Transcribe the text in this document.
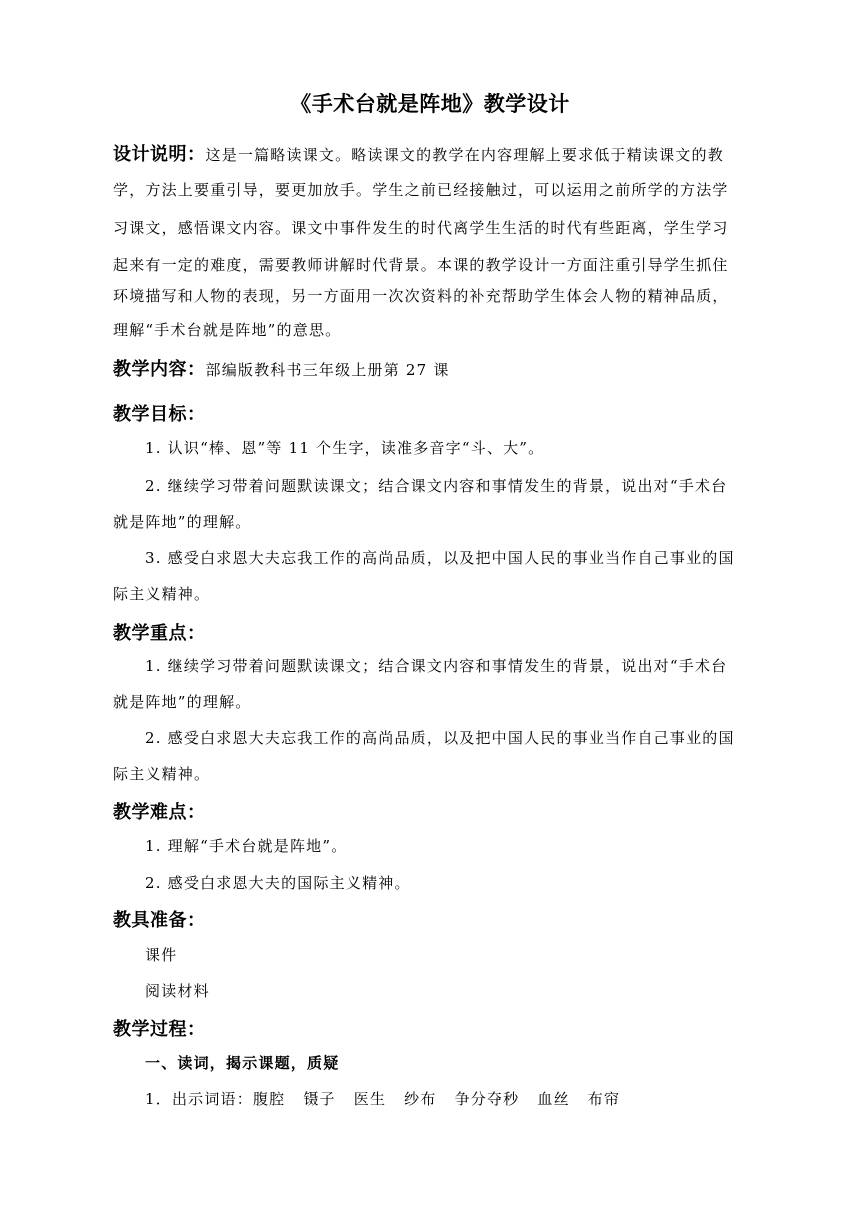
《手术台就是阵地》教学设计
设计说明：这是一篇略读课文。略读课文的教学在内容理解上要求低于精读课文的教
学，方法上要重引导，要更加放手。学生之前已经接触过，可以运用之前所学的方法学
习课文，感悟课文内容。课文中事件发生的时代离学生生活的时代有些距离，学生学习
起来有一定的难度，需要教师讲解时代背景。本课的教学设计一方面注重引导学生抓住
环境描写和人物的表现，另一方面用一次次资料的补充帮助学生体会人物的精神品质，
理解“手术台就是阵地”的意思。
教学内容：部编版教科书三年级上册第 27 课
教学目标：
1. 认识“棒、恩”等 11 个生字，读准多音字“斗、大”。
2. 继续学习带着问题默读课文；结合课文内容和事情发生的背景，说出对“手术台
就是阵地”的理解。
3. 感受白求恩大夫忘我工作的高尚品质，以及把中国人民的事业当作自己事业的国
际主义精神。
教学重点：
1. 继续学习带着问题默读课文；结合课文内容和事情发生的背景，说出对“手术台
就是阵地”的理解。
2. 感受白求恩大夫忘我工作的高尚品质，以及把中国人民的事业当作自己事业的国
际主义精神。
教学难点：
1. 理解“手术台就是阵地”。
2. 感受白求恩大夫的国际主义精神。
教具准备：
课件
阅读材料
教学过程：
一、读词，揭示课题，质疑
1．出示词语：腹腔 镊子 医生 纱布 争分夺秒 血丝 布帘
